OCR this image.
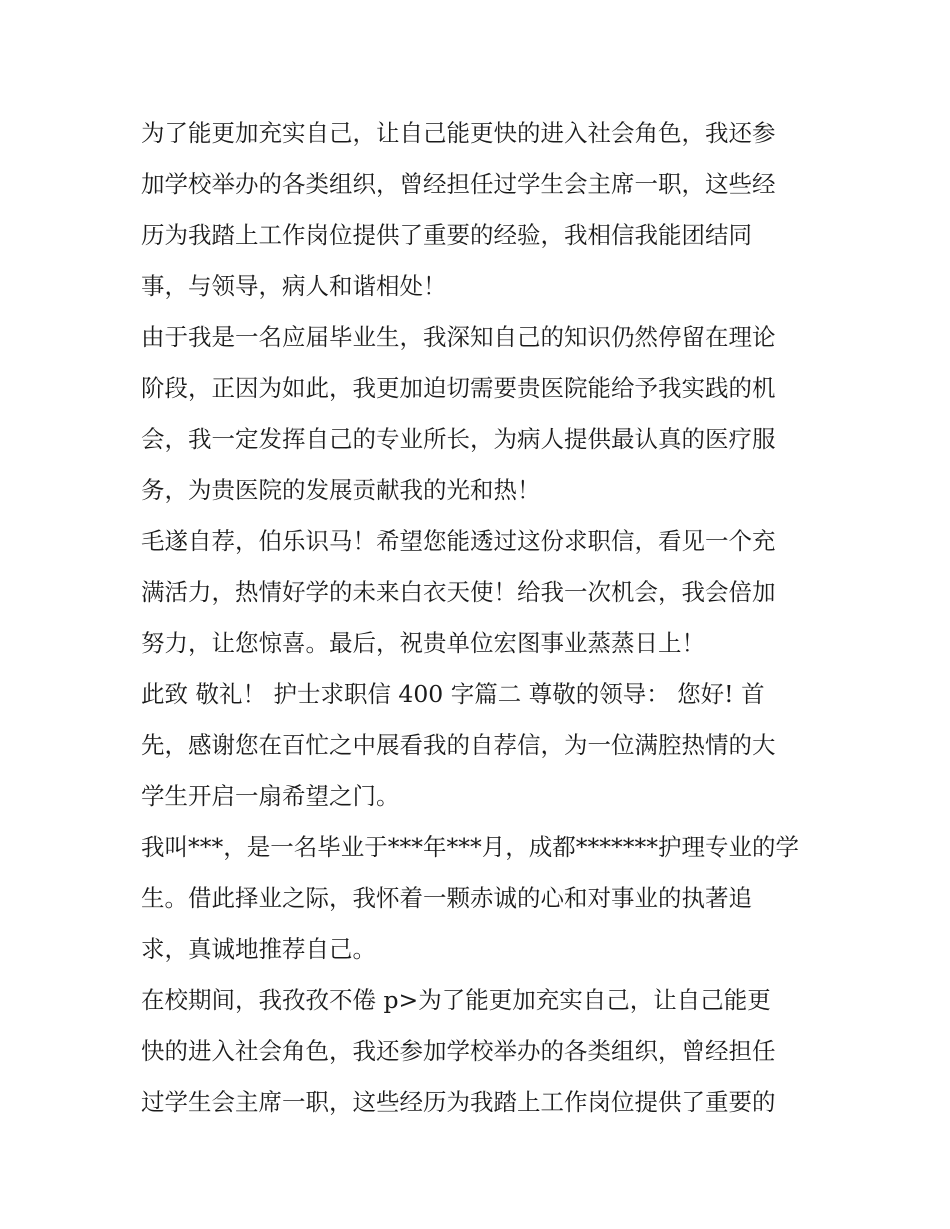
为了能更加充实自己，让自己能更快的进入社会角色，我还参
加学校举办的各类组织，曾经担任过学生会主席一职，这些经
历为我踏上工作岗位提供了重要的经验，我相信我能团结同
事，与领导，病人和谐相处！
由于我是一名应届毕业生，我深知自己的知识仍然停留在理论
阶段，正因为如此，我更加迫切需要贵医院能给予我实践的机
会，我一定发挥自己的专业所长，为病人提供最认真的医疗服
务，为贵医院的发展贡献我的光和热！
毛遂自荐，伯乐识马！希望您能透过这份求职信，看见一个充
满活力，热情好学的未来白衣天使！给我一次机会，我会倍加
努力，让您惊喜。最后，祝贵单位宏图事业蒸蒸日上！
此致 敬礼！ 护士求职信 400 字篇二 尊敬的领导： 您好! 首
先，感谢您在百忙之中展看我的自荐信，为一位满腔热情的大
学生开启一扇希望之门。
我叫***，是一名毕业于***年***月，成都*******护理专业的学
生。借此择业之际，我怀着一颗赤诚的心和对事业的执著追
求，真诚地推荐自己。
在校期间，我孜孜不倦 p>为了能更加充实自己，让自己能更
快的进入社会角色，我还参加学校举办的各类组织，曾经担任
过学生会主席一职，这些经历为我踏上工作岗位提供了重要的
